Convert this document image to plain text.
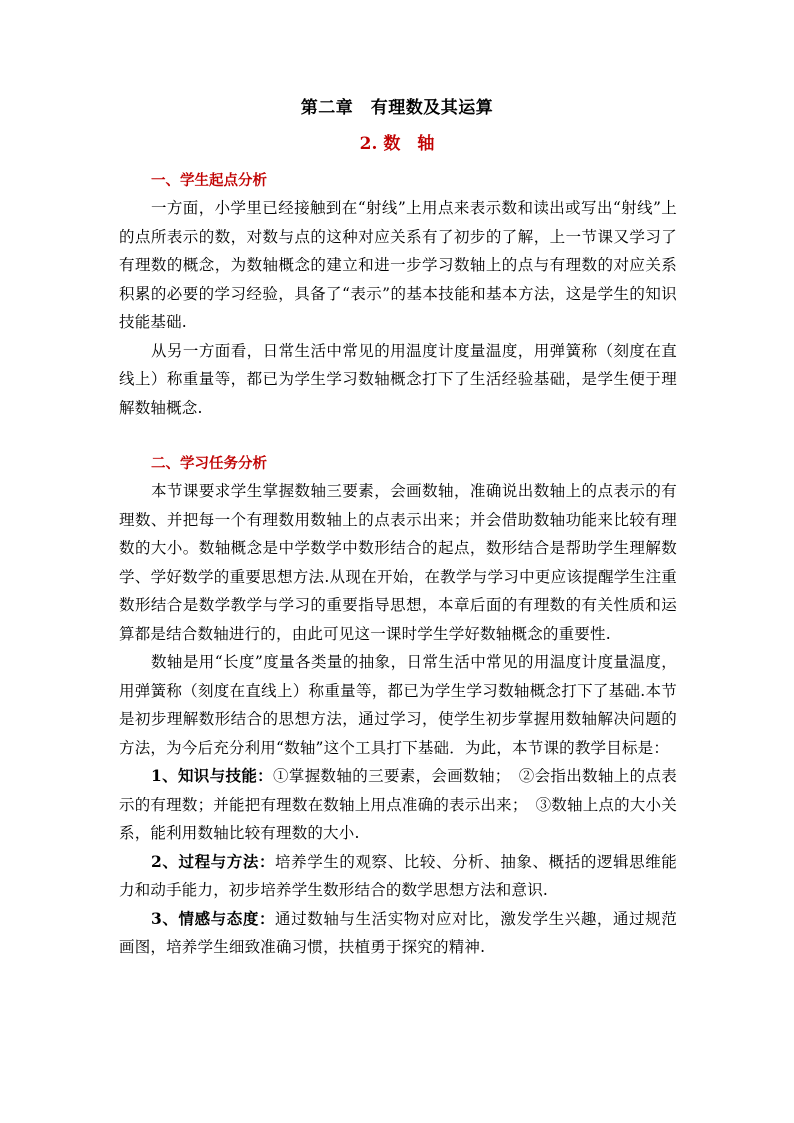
第二章　有理数及其运算
2. 数　轴
一、学生起点分析

一方面，小学里已经接触到在“射线”上用点来表示数和读出或写出“射线”上的点所表示的数，对数与点的这种对应关系有了初步的了解，上一节课又学习了有理数的概念，为数轴概念的建立和进一步学习数轴上的点与有理数的对应关系积累的必要的学习经验，具备了“表示”的基本技能和基本方法，这是学生的知识技能基础.

从另一方面看，日常生活中常见的用温度计度量温度，用弹簧称（刻度在直线上）称重量等，都已为学生学习数轴概念打下了生活经验基础，是学生便于理解数轴概念.

二、学习任务分析

本节课要求学生掌握数轴三要素，会画数轴，准确说出数轴上的点表示的有理数、并把每一个有理数用数轴上的点表示出来；并会借助数轴功能来比较有理数的大小。数轴概念是中学数学中数形结合的起点，数形结合是帮助学生理解数学、学好数学的重要思想方法.从现在开始，在教学与学习中更应该提醒学生注重数形结合是数学教学与学习的重要指导思想，本章后面的有理数的有关性质和运算都是结合数轴进行的，由此可见这一课时学生学好数轴概念的重要性.

数轴是用“长度”度量各类量的抽象，日常生活中常见的用温度计度量温度，用弹簧称（刻度在直线上）称重量等，都已为学生学习数轴概念打下了基础.本节是初步理解数形结合的思想方法，通过学习，使学生初步掌握用数轴解决问题的方法，为今后充分利用“数轴”这个工具打下基础．为此，本节课的教学目标是：

1、知识与技能：①掌握数轴的三要素，会画数轴；　②会指出数轴上的点表示的有理数；并能把有理数在数轴上用点准确的表示出来；　③数轴上点的大小关系，能利用数轴比较有理数的大小.

2、过程与方法：培养学生的观察、比较、分析、抽象、概括的逻辑思维能力和动手能力，初步培养学生数形结合的数学思想方法和意识.

3、情感与态度：通过数轴与生活实物对应对比，激发学生兴趣，通过规范画图，培养学生细致准确习惯，扶植勇于探究的精神.
